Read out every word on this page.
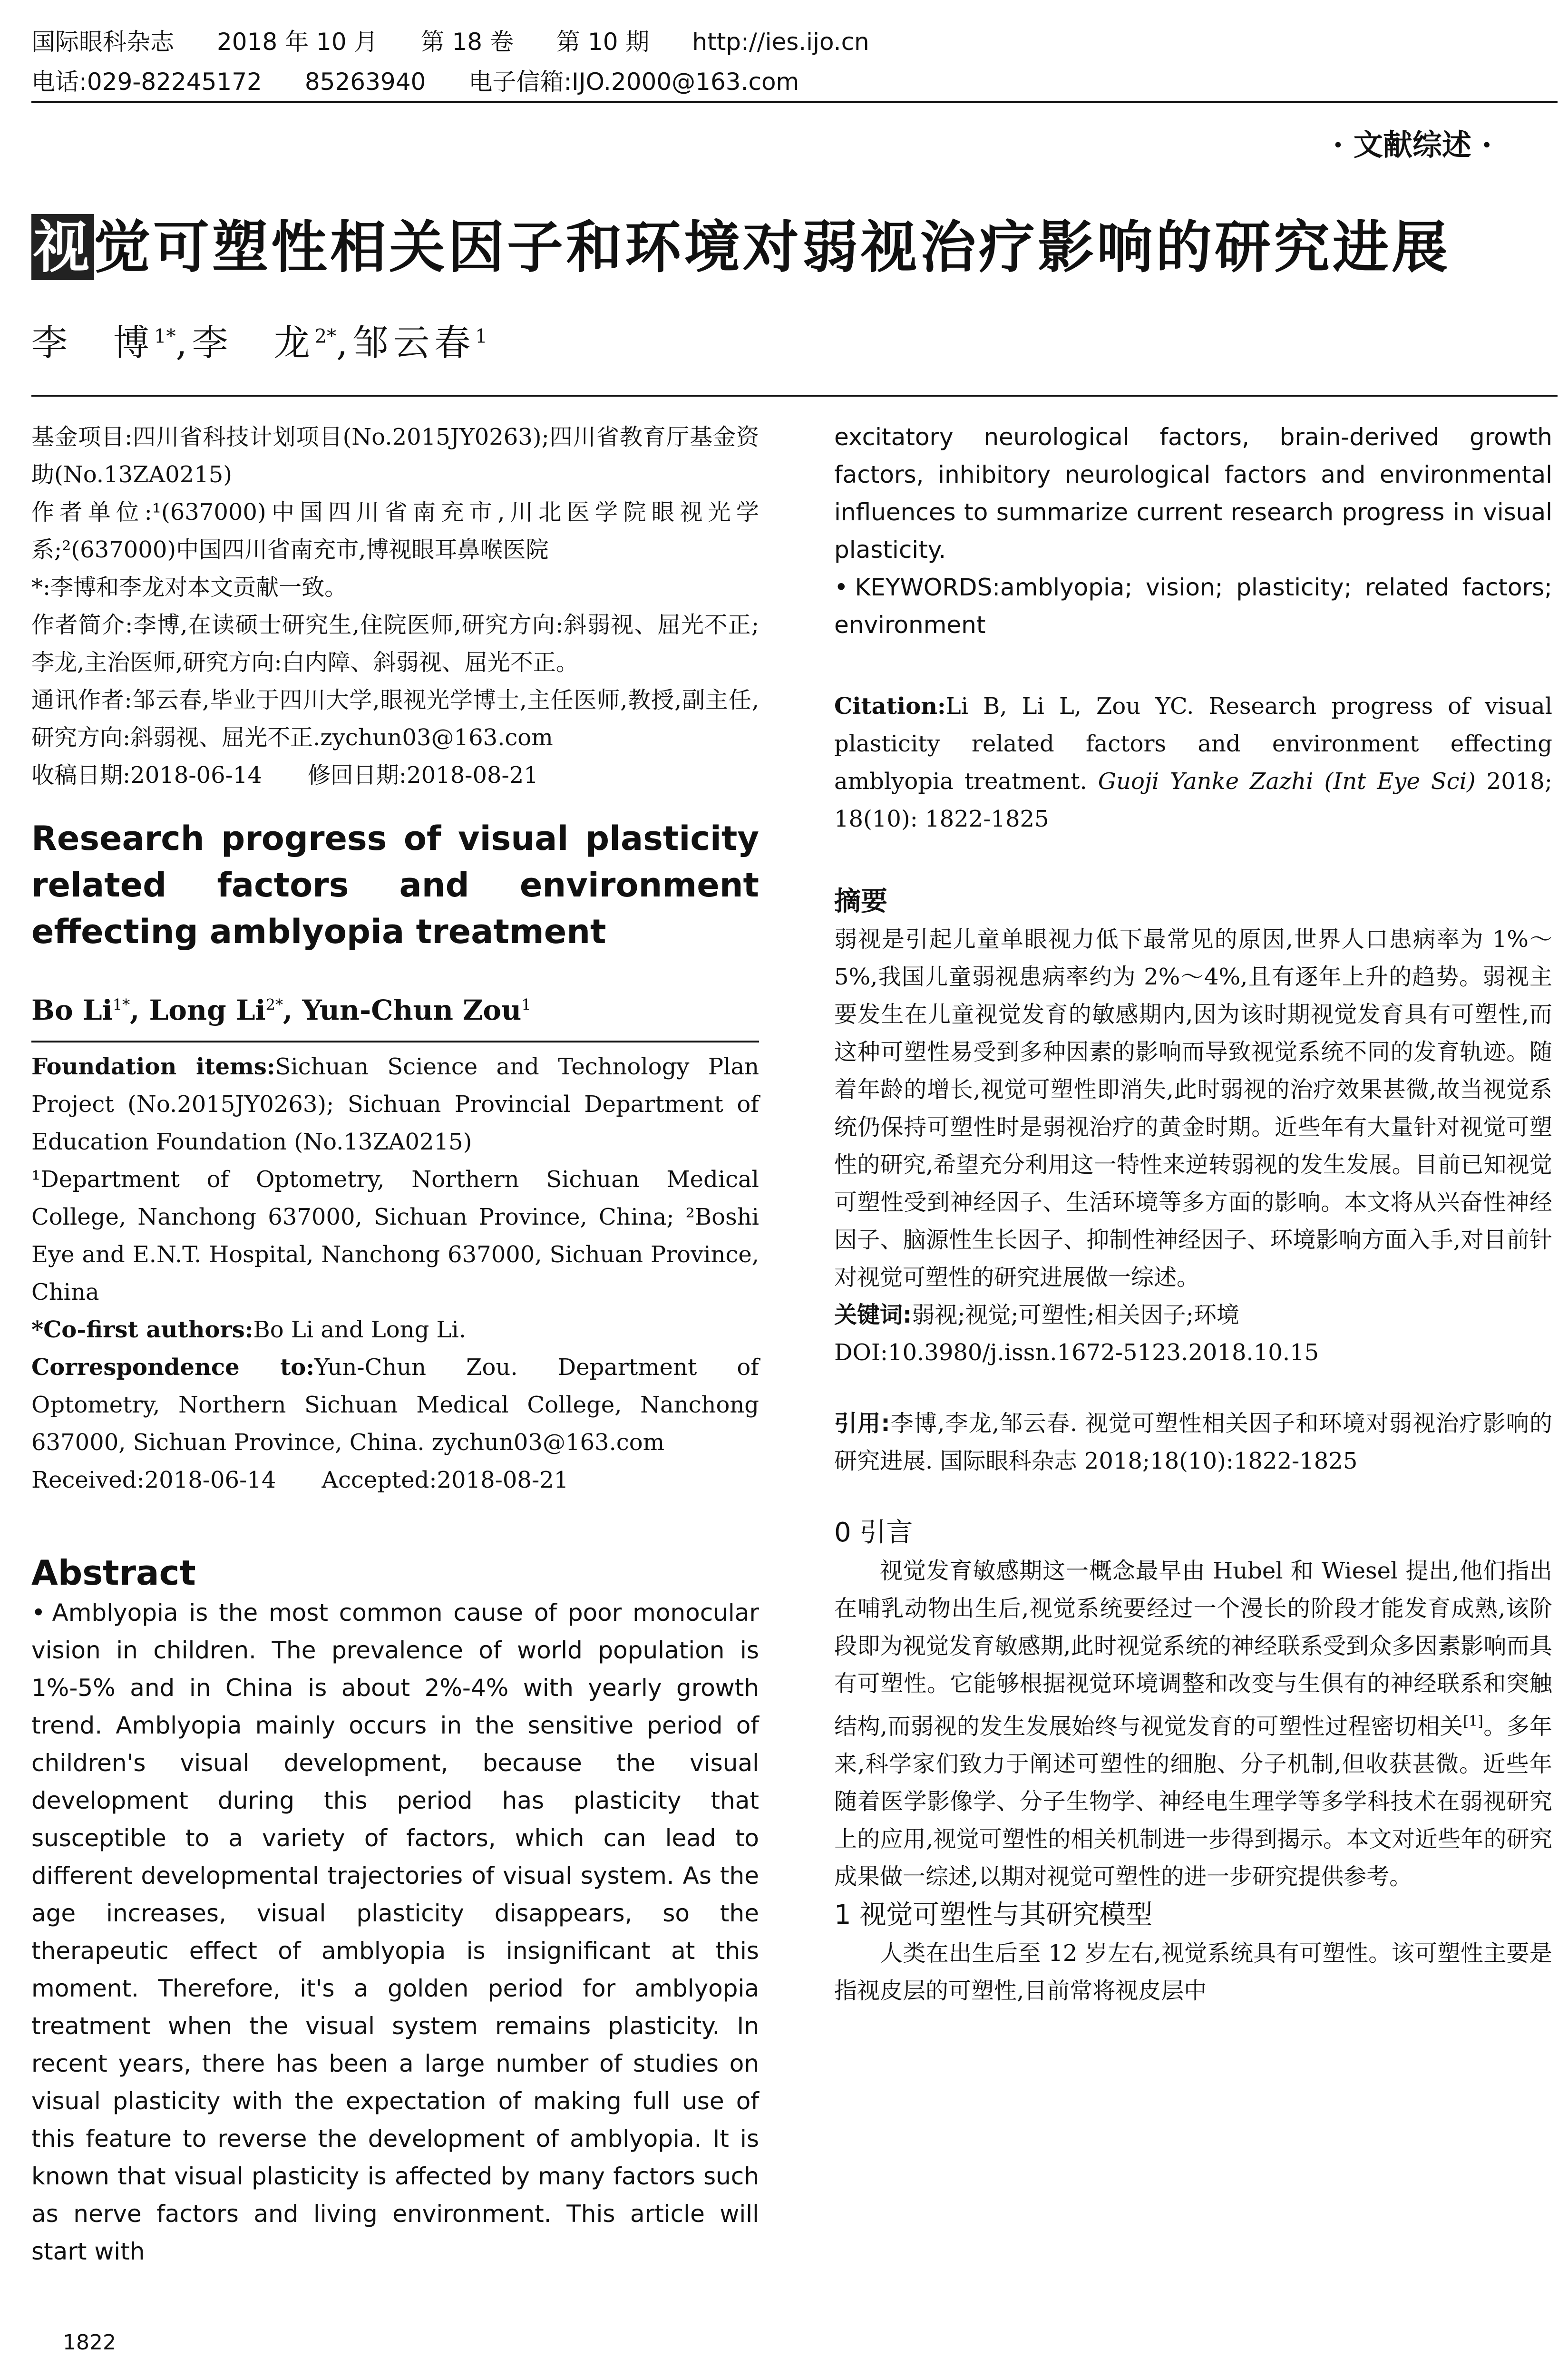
国际眼科杂志 2018 年 10 月 第 18 卷 第 10 期 http://ies.ijo.cn
电话:029-82245172 85263940 电子信箱:IJO.2000@163.com
· 文献综述 ·
视觉可塑性相关因子和环境对弱视治疗影响的研究进展
李　博$^{1*}$,李　龙$^{2*}$,邹云春$^1$

基金项目:四川省科技计划项目(No.2015JY0263);四川省教育厅基金资助(No.13ZA0215)

作者单位:¹(637000)中国四川省南充市,川北医学院眼视光学系;²(637000)中国四川省南充市,博视眼耳鼻喉医院

*:李博和李龙对本文贡献一致。

作者简介:李博,在读硕士研究生,住院医师,研究方向:斜弱视、屈光不正;李龙,主治医师,研究方向:白内障、斜弱视、屈光不正。

通讯作者:邹云春,毕业于四川大学,眼视光学博士,主任医师,教授,副主任,研究方向:斜弱视、屈光不正.zychun03@163.com

收稿日期:2018-06-14　　修回日期:2018-08-21

Research progress of visual plasticity related factors and environment effecting amblyopia treatment
Bo $Li^{1*}$, Long $Li^{2*}$, Yun-Chun Zou$^1$

Foundation items:Sichuan Science and Technology Plan Project (No.2015JY0263); Sichuan Provincial Department of Education Foundation (No.13ZA0215)

¹Department of Optometry, Northern Sichuan Medical College, Nanchong 637000, Sichuan Province, China; ²Boshi Eye and E.N.T. Hospital, Nanchong 637000, Sichuan Province, China

*Co-first authors:Bo Li and Long Li.

Correspondence to:Yun-Chun Zou. Department of Optometry, Northern Sichuan Medical College, Nanchong 637000, Sichuan Province, China. zychun03@163.com

Received:2018-06-14　　Accepted:2018-08-21

Abstract

• Amblyopia is the most common cause of poor monocular vision in children. The prevalence of world population is 1%-5% and in China is about 2%-4% with yearly growth trend. Amblyopia mainly occurs in the sensitive period of children's visual development, because the visual development during this period has plasticity that susceptible to a variety of factors, which can lead to different developmental trajectories of visual system. As the age increases, visual plasticity disappears, so the therapeutic effect of amblyopia is insignificant at this moment. Therefore, it's a golden period for amblyopia treatment when the visual system remains plasticity. In recent years, there has been a large number of studies on visual plasticity with the expectation of making full use of this feature to reverse the development of amblyopia. It is known that visual plasticity is affected by many factors such as nerve factors and living environment. This article will start with

excitatory neurological factors, brain-derived growth factors, inhibitory neurological factors and environmental influences to summarize current research progress in visual plasticity.

• KEYWORDS:amblyopia; vision; plasticity; related factors; environment

Citation:Li B, Li L, Zou YC. Research progress of visual plasticity related factors and environment effecting amblyopia treatment. Guoji Yanke Zazhi (Int Eye Sci) 2018; 18(10): 1822-1825

摘要

弱视是引起儿童单眼视力低下最常见的原因,世界人口患病率为 1%～5%,我国儿童弱视患病率约为 2%～4%,且有逐年上升的趋势。弱视主要发生在儿童视觉发育的敏感期内,因为该时期视觉发育具有可塑性,而这种可塑性易受到多种因素的影响而导致视觉系统不同的发育轨迹。随着年龄的增长,视觉可塑性即消失,此时弱视的治疗效果甚微,故当视觉系统仍保持可塑性时是弱视治疗的黄金时期。近些年有大量针对视觉可塑性的研究,希望充分利用这一特性来逆转弱视的发生发展。目前已知视觉可塑性受到神经因子、生活环境等多方面的影响。本文将从兴奋性神经因子、脑源性生长因子、抑制性神经因子、环境影响方面入手,对目前针对视觉可塑性的研究进展做一综述。

关键词:弱视;视觉;可塑性;相关因子;环境

DOI:10.3980/j.issn.1672-5123.2018.10.15

引用:李博,李龙,邹云春. 视觉可塑性相关因子和环境对弱视治疗影响的研究进展. 国际眼科杂志 2018;18(10):1822-1825

0 引言

视觉发育敏感期这一概念最早由 Hubel 和 Wiesel 提出,他们指出在哺乳动物出生后,视觉系统要经过一个漫长的阶段才能发育成熟,该阶段即为视觉发育敏感期,此时视觉系统的神经联系受到众多因素影响而具有可塑性。它能够根据视觉环境调整和改变与生俱有的神经联系和突触结构,而弱视的发生发展始终与视觉发育的可塑性过程密切相关[1]。多年来,科学家们致力于阐述可塑性的细胞、分子机制,但收获甚微。近些年随着医学影像学、分子生物学、神经电生理学等多学科技术在弱视研究上的应用,视觉可塑性的相关机制进一步得到揭示。本文对近些年的研究成果做一综述,以期对视觉可塑性的进一步研究提供参考。

1 视觉可塑性与其研究模型

人类在出生后至 12 岁左右,视觉系统具有可塑性。该可塑性主要是指视皮层的可塑性,目前常将视皮层中

1822
